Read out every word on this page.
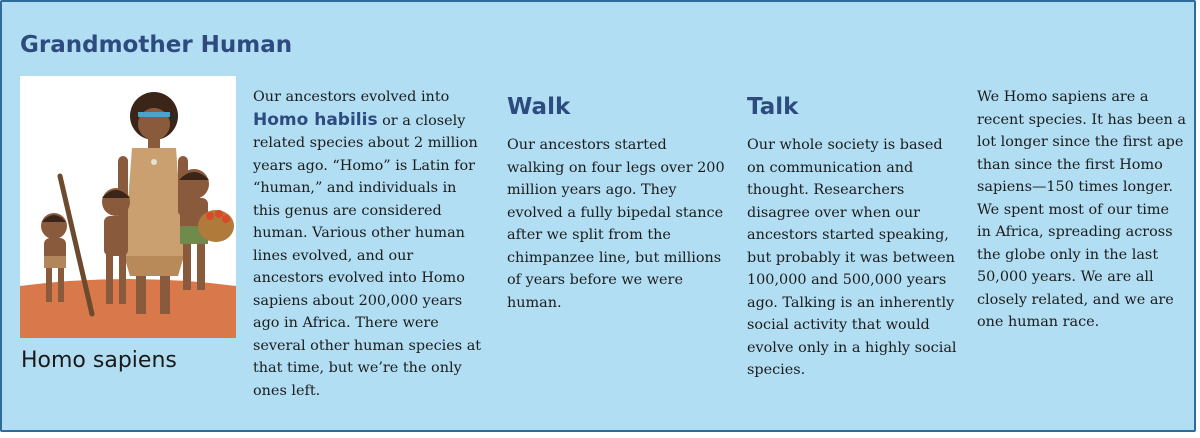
Grandmother Human

Homo sapiens

Our ancestors evolved into Homo habilis or a closely related species about 2 million years ago. “Homo” is Latin for “human,” and individuals in this genus are considered human. Various other human lines evolved, and our ancestors evolved into Homo sapiens about 200,000 years ago in Africa. There were several other human species at that time, but we’re the only ones left.

Walk

Our ancestors started walking on four legs over 200 million years ago. They evolved a fully bipedal stance after we split from the chimpanzee line, but millions of years before we were human.

Talk

Our whole society is based on communication and thought. Researchers disagree over when our ancestors started speaking, but probably it was between 100,000 and 500,000 years ago. Talking is an inherently social activity that would evolve only in a highly social species.

We Homo sapiens are a recent species. It has been a lot longer since the first ape than since the first Homo sapiens—150 times longer. We spent most of our time in Africa, spreading across the globe only in the last 50,000 years. We are all closely related, and we are one human race.
